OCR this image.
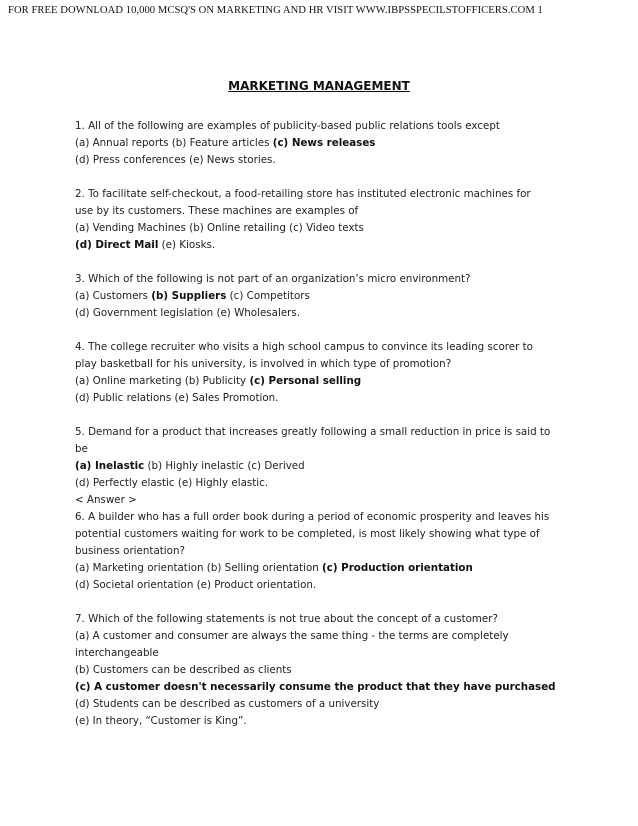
FOR FREE DOWNLOAD 10,000 MCSQ'S ON MARKETING AND HR VISIT WWW.IBPSSPECILSTOFFICERS.COM 1
MARKETING MANAGEMENT
1. All of the following are examples of publicity-based public relations tools except
(a) Annual reports (b) Feature articles (c) News releases
(d) Press conferences (e) News stories.
2. To facilitate self-checkout, a food-retailing store has instituted electronic machines for
use by its customers. These machines are examples of
(a) Vending Machines (b) Online retailing (c) Video texts
(d) Direct Mail (e) Kiosks.
3. Which of the following is not part of an organization’s micro environment?
(a) Customers (b) Suppliers (c) Competitors
(d) Government legislation (e) Wholesalers.
4. The college recruiter who visits a high school campus to convince its leading scorer to
play basketball for his university, is involved in which type of promotion?
(a) Online marketing (b) Publicity (c) Personal selling
(d) Public relations (e) Sales Promotion.
5. Demand for a product that increases greatly following a small reduction in price is said to
be
(a) Inelastic (b) Highly inelastic (c) Derived
(d) Perfectly elastic (e) Highly elastic.
< Answer >
6. A builder who has a full order book during a period of economic prosperity and leaves his
potential customers waiting for work to be completed, is most likely showing what type of
business orientation?
(a) Marketing orientation (b) Selling orientation (c) Production orientation
(d) Societal orientation (e) Product orientation.
7. Which of the following statements is not true about the concept of a customer?
(a) A customer and consumer are always the same thing - the terms are completely
interchangeable
(b) Customers can be described as clients
(c) A customer doesn't necessarily consume the product that they have purchased
(d) Students can be described as customers of a university
(e) In theory, “Customer is King”.
